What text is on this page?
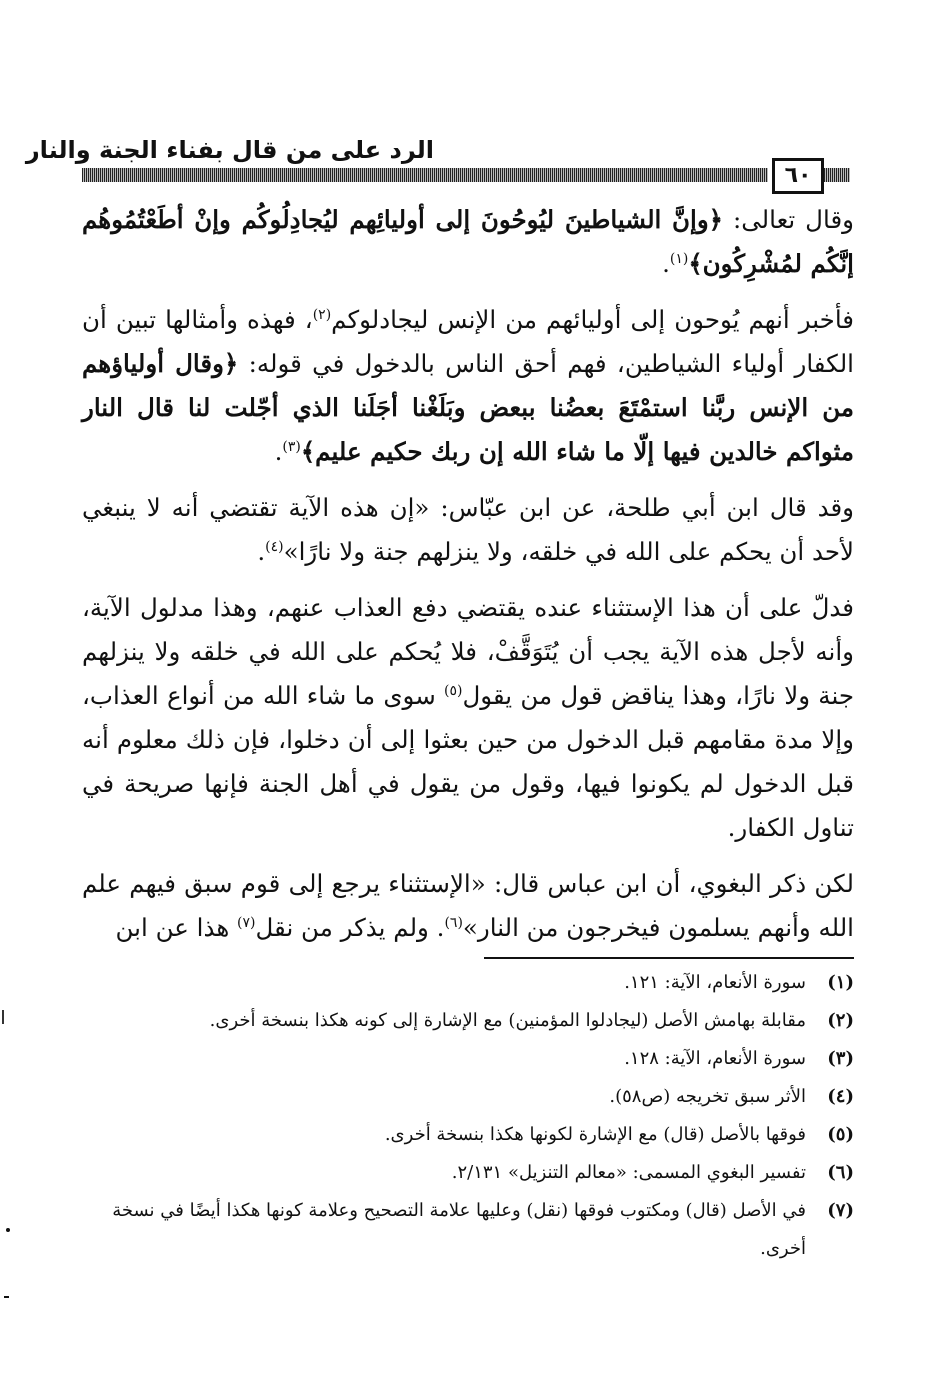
الرد على من قال بفناء الجنة والنار
٦٠

وقال تعالى: ﴿وإنَّ الشياطينَ ليُوحُونَ إلى أوليائِهم ليُجادِلُوكُم وإنْ أطَعْتُمُوهُم إنَّكُم لمُشْرِكُون﴾$^{(١)}$.

فأخبر أنهم يُوحون إلى أوليائهم من الإنس ليجادلوكم$^{(٢)}$، فهذه وأمثالها تبين أن الكفار أولياء الشياطين، فهم أحق الناس بالدخول في قوله: ﴿وقال أولياؤهم من الإنس ربَّنا استمْتَعَ بعضُنا ببعض وبَلَغْنا أجَلَنا الذي أجّلت لنا قال النار مثواكم خالدين فيها إلّا ما شاء الله إن ربك حكيم عليم﴾$^{(٣)}$.

وقد قال ابن أبي طلحة، عن ابن عبّاس: «إن هذه الآية تقتضي أنه لا ينبغي لأحد أن يحكم على الله في خلقه، ولا ينزلهم جنة ولا نارًا»$^{(٤)}$.

فدلّ على أن هذا الإستثناء عنده يقتضي دفع العذاب عنهم، وهذا مدلول الآية، وأنه لأجل هذه الآية يجب أن يُتَوَقَّفْ، فلا يُحكم على الله في خلقه ولا ينزلهم جنة ولا نارًا، وهذا يناقض قول من يقول$^{(٥)}$ سوى ما شاء الله من أنواع العذاب، وإلا مدة مقامهم قبل الدخول من حين بعثوا إلى أن دخلوا، فإن ذلك معلوم أنه قبل الدخول لم يكونوا فيها، وقول من يقول في أهل الجنة فإنها صريحة في تناول الكفار.

لكن ذكر البغوي، أن ابن عباس قال: «الإستثناء يرجع إلى قوم سبق فيهم علم الله وأنهم يسلمون فيخرجون من النار»$^{(٦)}$. ولم يذكر من نقل$^{(٧)}$ هذا عن ابن

(١)
سورة الأنعام، الآية: ١٢١.
(٢)
مقابلة بهامش الأصل (ليجادلوا المؤمنين) مع الإشارة إلى كونه هكذا بنسخة أخرى.
(٣)
سورة الأنعام، الآية: ١٢٨.
(٤)
الأثر سبق تخريجه (ص٥٨).
(٥)
فوقها بالأصل (قال) مع الإشارة لكونها هكذا بنسخة أخرى.
(٦)
تفسير البغوي المسمى: «معالم التنزيل» ٢/١٣١.
(٧)
في الأصل (قال) ومكتوب فوقها (نقل) وعليها علامة التصحيح وعلامة كونها هكذا أيضًا في نسخة أخرى.
